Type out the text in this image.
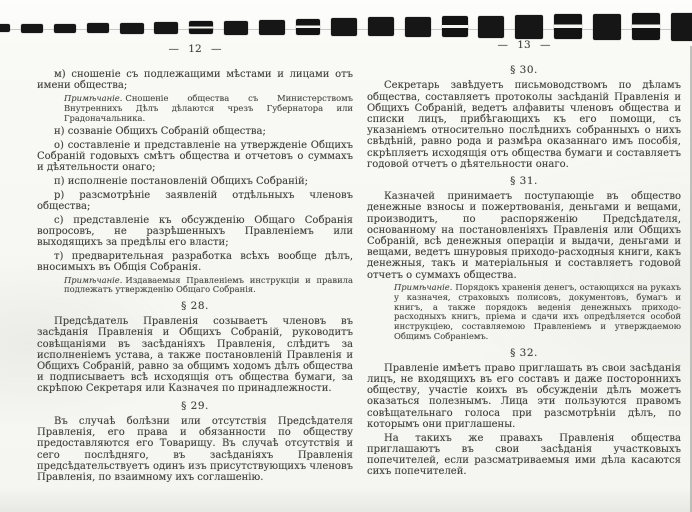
— 12 —

м) сношеніе съ подлежащими мѣстами и лицами отъ имени общества;

Примѣчаніе. Сношеніе общества съ Министерствомъ Внутреннихъ Дѣлъ дѣлаются чрезъ Губернатора или Градоначальника.

н) созваніе Общихъ Собраній общества;

о) составленіе и представленіе на утвержденіе Общихъ Собраній годовыхъ смѣтъ общества и отчетовъ о суммахъ и дѣятельности онаго;

п) исполненіе постановленій Общихъ Собраній;

р) разсмотрѣніе заявленій отдѣльныхъ членовъ общества;

с) представленіе къ обсужденію Общаго Собранія вопросовъ, не разрѣшенныхъ Правленіемъ или выходящихъ за предѣлы его власти;

т) предварительная разработка всѣхъ вообще дѣлъ, вносимыхъ въ Общія Собранія.

Примѣчаніе. Издаваемыя Правленіемъ инструкціи и правила подлежатъ утвержденію Общаго Собранія.

§ 28.

Предсѣдатель Правленія созываетъ членовъ въ засѣданія Правленія и Общихъ Собраній, руководитъ совѣщаніями въ засѣданіяхъ Правленія, слѣдитъ за исполненіемъ устава, а также постановленій Правленія и Общихъ Собраній, равно за общимъ ходомъ дѣлъ общества и подписываетъ всѣ исходящія отъ общества бумаги, за скрѣпою Секретаря или Казначея по принадлежности.

§ 29.

Въ случаѣ болѣзни или отсутствія Предсѣдателя Правленія, его права и обязанности по обществу предоставляются его Товарищу. Въ случаѣ отсутствія и сего послѣдняго, въ засѣданіяхъ Правленія предсѣдательствуетъ одинъ изъ присутствующихъ членовъ Правленія, по взаимному ихъ соглашенію.

— 13 —
§ 30.

Секретарь завѣдуетъ письмоводствомъ по дѣламъ общества, составляетъ протоколы засѣданій Правленія и Общихъ Собраній, ведетъ алфавиты членовъ общества и списки лицъ, прибѣгающихъ къ его помощи, съ указаніемъ относительно послѣднихъ собранныхъ о нихъ свѣдѣній, равно рода и размѣра оказаннаго имъ пособія, скрѣпляетъ исходящія отъ общества бумаги и составляетъ годовой отчетъ о дѣятельности онаго.

§ 31.

Казначей принимаетъ поступающіе въ общество денежные взносы и пожертвованія, деньгами и вещами, производитъ, по распоряженію Предсѣдателя, основанному на постановленіяхъ Правленія или Общихъ Собраній, всѣ денежныя операціи и выдачи, деньгами и вещами, ведетъ шнуровыя приходо-расходныя книги, какъ денежныя, такъ и матеріальныя и составляетъ годовой отчетъ о суммахъ общества.

Примѣчаніе. Порядокъ храненія денегъ, остающихся на рукахъ у казначея, страховыхъ полисовъ, документовъ, бумагъ и книгъ, а также порядокъ веденія денежныхъ приходо-расходныхъ книгъ, пріема и сдачи ихъ опредѣляется особой инструкціею, составляемою Правленіемъ и утверждаемою Общимъ Собраніемъ.

§ 32.

Правленіе имѣетъ право приглашать въ свои засѣданія лицъ, не входящихъ въ его составъ и даже постороннихъ обществу, участіе коихъ въ обсужденіи дѣлъ можетъ оказаться полезнымъ. Лица эти пользуются правомъ совѣщательнаго голоса при разсмотрѣніи дѣлъ, по которымъ они приглашены.

На такихъ же правахъ Правленія общества приглашаютъ въ свои засѣданія участковыхъ попечителей, если разсматриваемыя ими дѣла касаются сихъ попечителей.
